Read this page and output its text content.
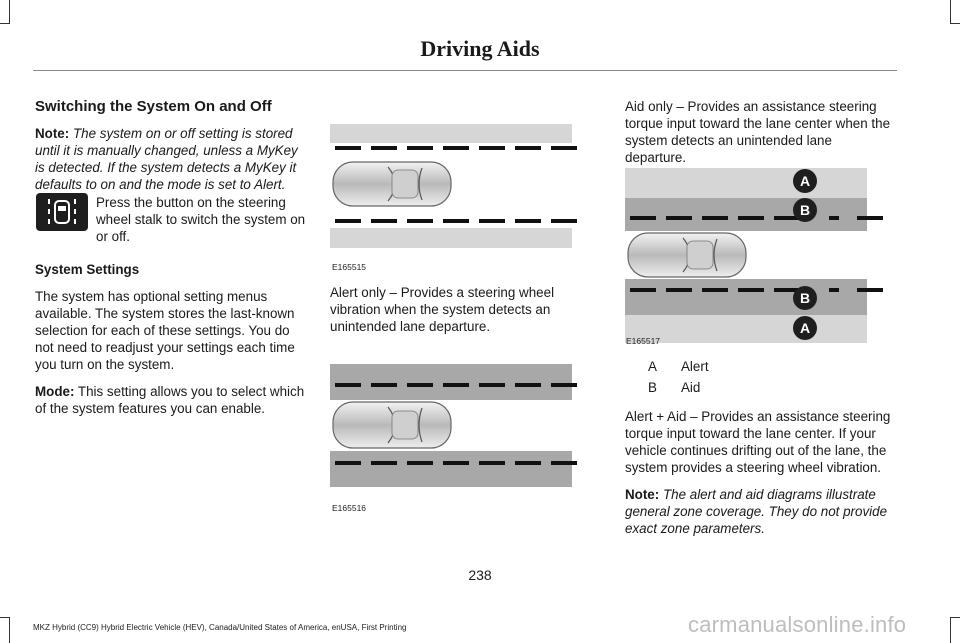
Driving Aids
Switching the System On and Off

Note: The system on or off setting is stored until it is manually changed, unless a MyKey is detected. If the system detects a MyKey it defaults to on and the mode is set to Alert.

Press the button on the steering wheel stalk to switch the system on or off.

System Settings

The system has optional setting menus available. The system stores the last-known selection for each of these settings. You do not need to readjust your settings each time you turn on the system.

Mode: This setting allows you to select which of the system features you can enable.

E165515

Alert only – Provides a steering wheel vibration when the system detects an unintended lane departure.

E165516

Aid only – Provides an assistance steering torque input toward the lane center when the system detects an unintended lane departure.

A
B
B
A
E165517
A Alert
B Aid

Alert + Aid – Provides an assistance steering torque input toward the lane center. If your vehicle continues drifting out of the lane, the system provides a steering wheel vibration.

Note: The alert and aid diagrams illustrate general zone coverage. They do not provide exact zone parameters.

238
MKZ Hybrid (CC9) Hybrid Electric Vehicle (HEV), Canada/United States of America, enUSA, First Printing	carmanualsonline.info
